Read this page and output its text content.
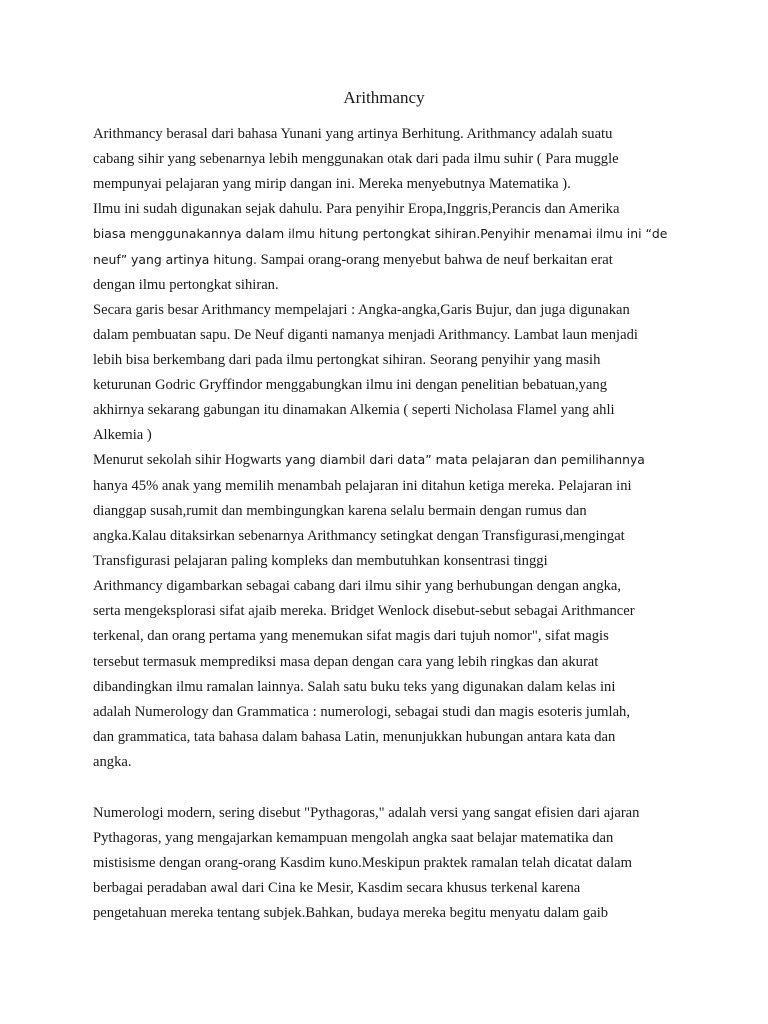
Arithmancy
Arithmancy berasal dari bahasa Yunani yang artinya Berhitung. Arithmancy adalah suatu
cabang sihir yang sebenarnya lebih menggunakan otak dari pada ilmu suhir ( Para muggle
mempunyai pelajaran yang mirip dangan ini. Mereka menyebutnya Matematika ).
Ilmu ini sudah digunakan sejak dahulu. Para penyihir Eropa,Inggris,Perancis dan Amerika
biasa menggunakannya dalam ilmu hitung pertongkat sihiran.Penyihir menamai ilmu ini “de
neuf” yang artinya hitung. Sampai orang-orang menyebut bahwa de neuf berkaitan erat
dengan ilmu pertongkat sihiran.
Secara garis besar Arithmancy mempelajari : Angka-angka,Garis Bujur, dan juga digunakan
dalam pembuatan sapu. De Neuf diganti namanya menjadi Arithmancy. Lambat laun menjadi
lebih bisa berkembang dari pada ilmu pertongkat sihiran. Seorang penyihir yang masih
keturunan Godric Gryffindor menggabungkan ilmu ini dengan penelitian bebatuan,yang
akhirnya sekarang gabungan itu dinamakan Alkemia ( seperti Nicholasa Flamel yang ahli
Alkemia )
Menurut sekolah sihir Hogwarts yang diambil dari data” mata pelajaran dan pemilihannya
hanya 45% anak yang memilih menambah pelajaran ini ditahun ketiga mereka. Pelajaran ini
dianggap susah,rumit dan membingungkan karena selalu bermain dengan rumus dan
angka.Kalau ditaksirkan sebenarnya Arithmancy setingkat dengan Transfigurasi,mengingat
Transfigurasi pelajaran paling kompleks dan membutuhkan konsentrasi tinggi
Arithmancy digambarkan sebagai cabang dari ilmu sihir yang berhubungan dengan angka,
serta mengeksplorasi sifat ajaib mereka. Bridget Wenlock disebut-sebut sebagai Arithmancer
terkenal, dan orang pertama yang menemukan sifat magis dari tujuh nomor", sifat magis
tersebut termasuk memprediksi masa depan dengan cara yang lebih ringkas dan akurat
dibandingkan ilmu ramalan lainnya. Salah satu buku teks yang digunakan dalam kelas ini
adalah Numerology dan Grammatica : numerologi, sebagai studi dan magis esoteris jumlah,
dan grammatica, tata bahasa dalam bahasa Latin, menunjukkan hubungan antara kata dan
angka.
Numerologi modern, sering disebut "Pythagoras," adalah versi yang sangat efisien dari ajaran
Pythagoras, yang mengajarkan kemampuan mengolah angka saat belajar matematika dan
mistisisme dengan orang-orang Kasdim kuno.Meskipun praktek ramalan telah dicatat dalam
berbagai peradaban awal dari Cina ke Mesir, Kasdim secara khusus terkenal karena
pengetahuan mereka tentang subjek.Bahkan, budaya mereka begitu menyatu dalam gaib
